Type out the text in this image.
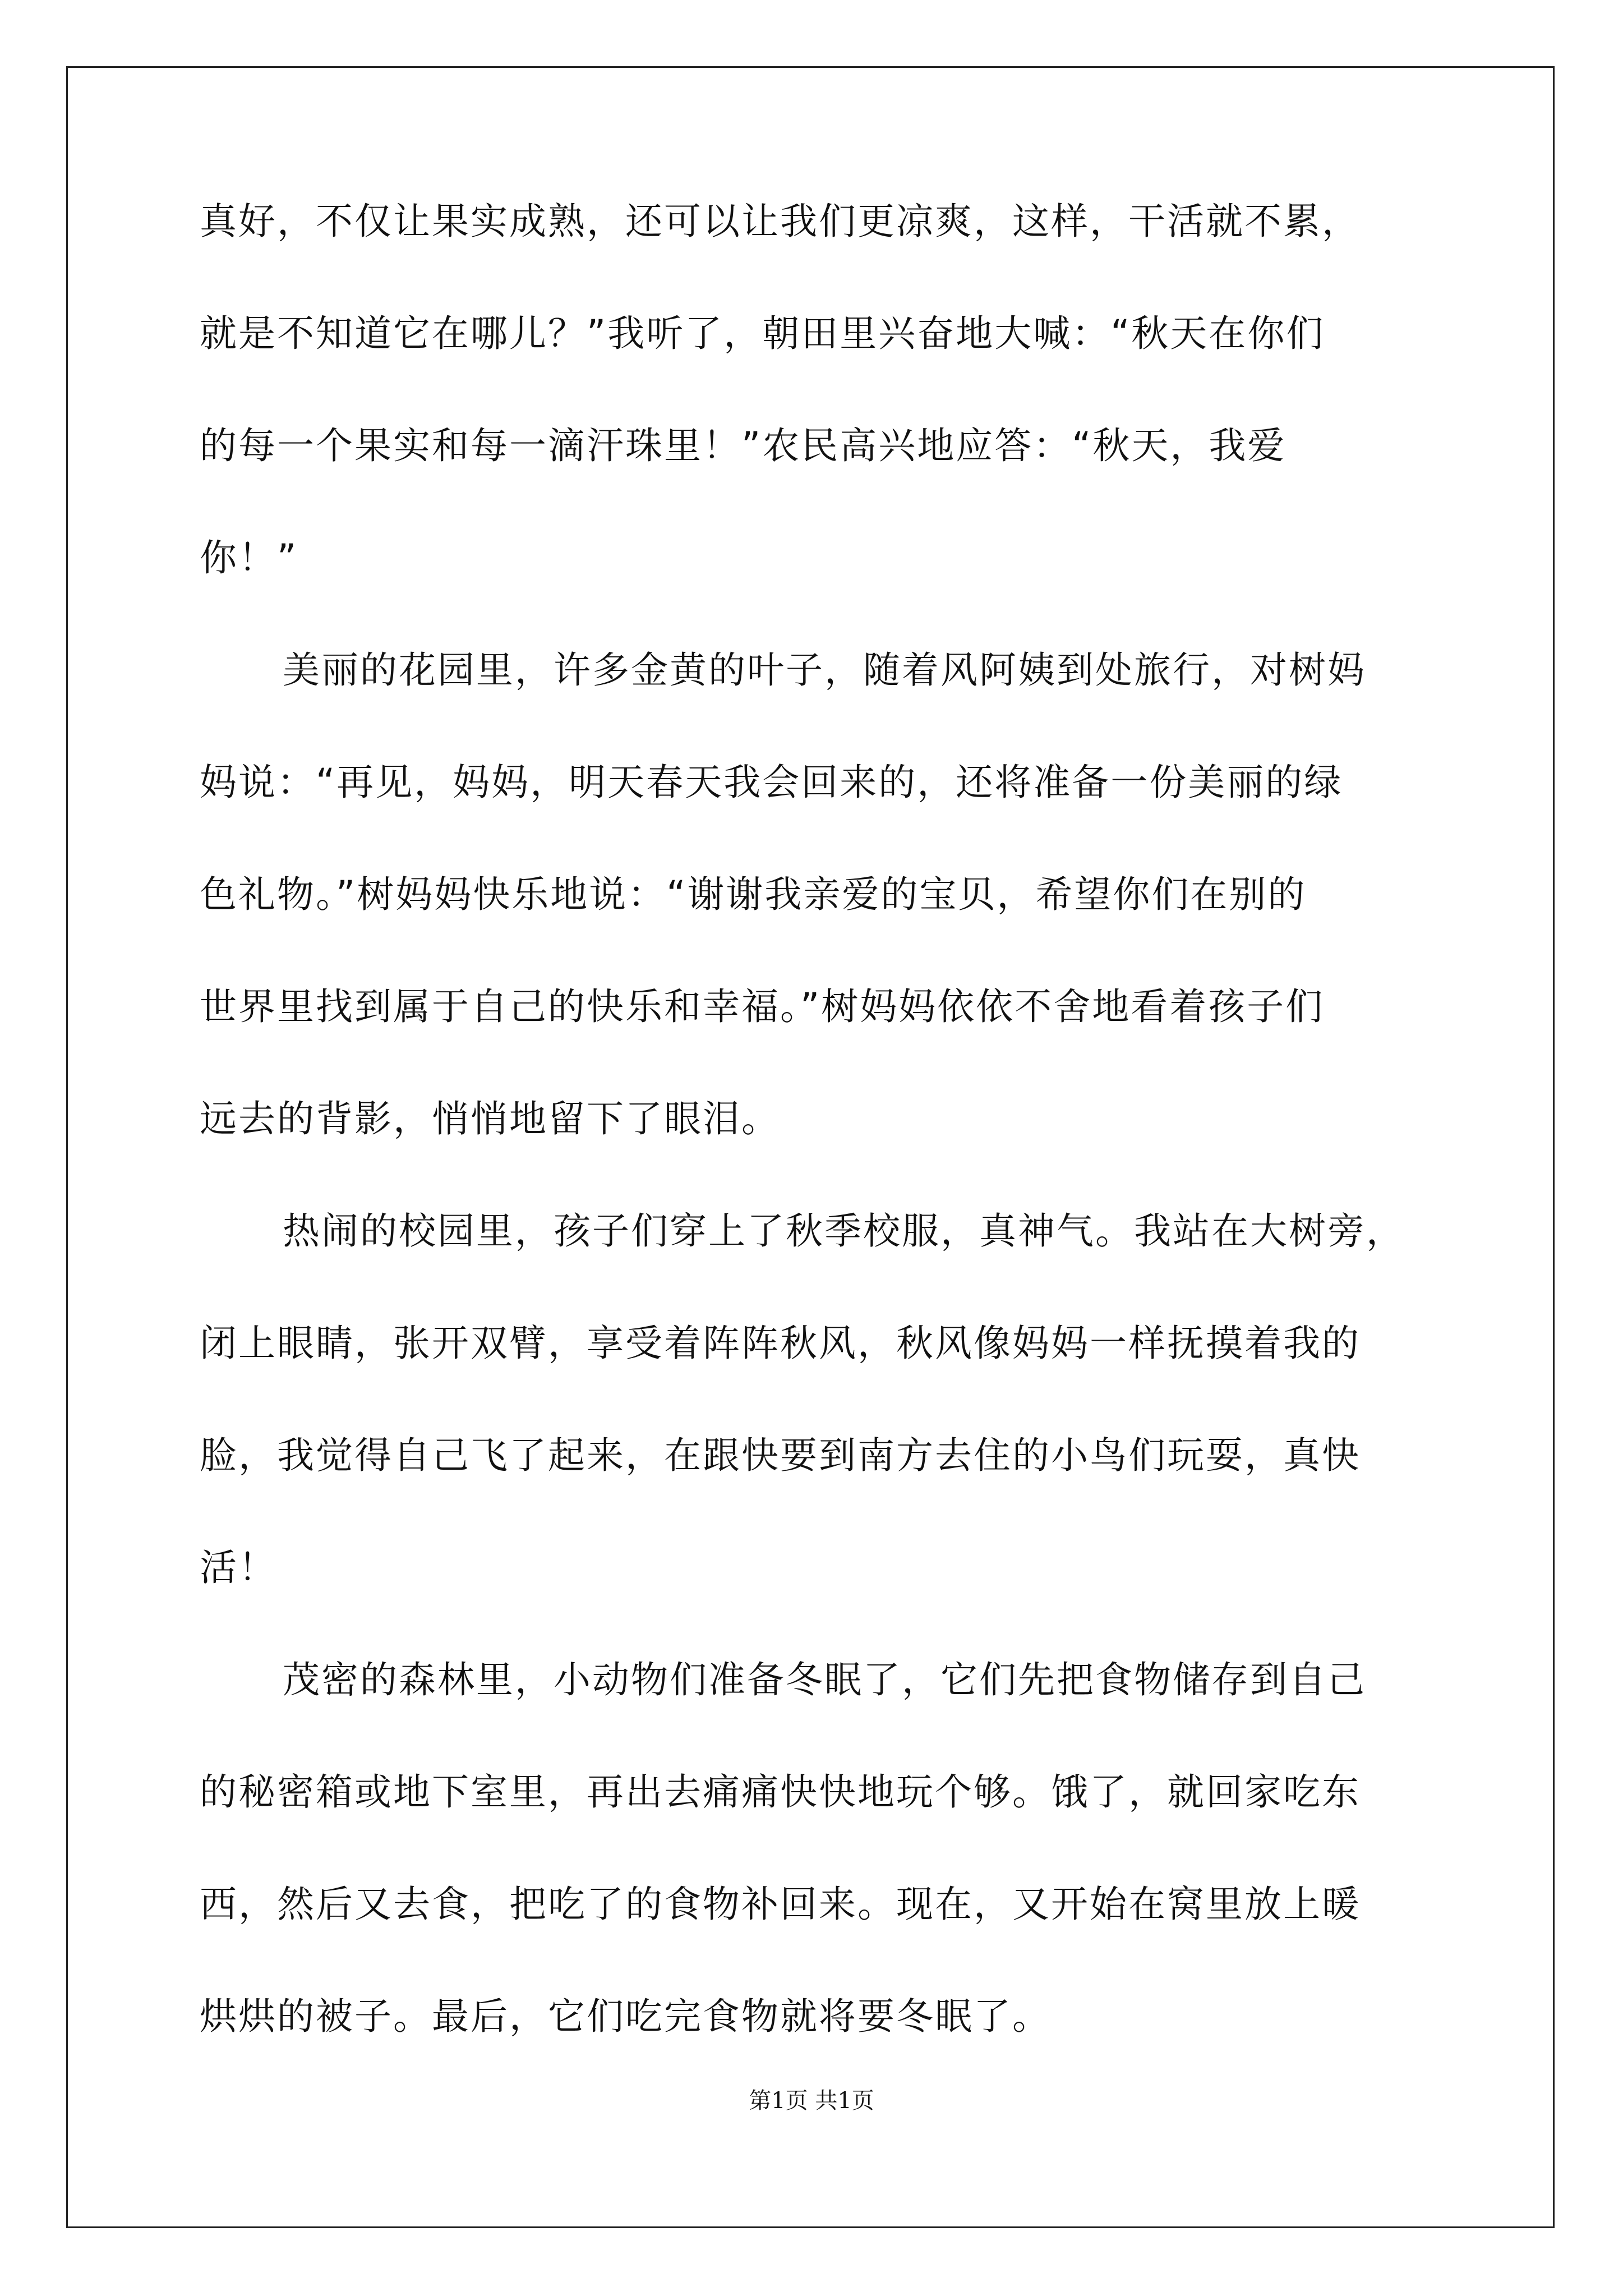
真好，不仅让果实成熟，还可以让我们更凉爽，这样，干活就不累，
就是不知道它在哪儿？”我听了，朝田里兴奋地大喊：“秋天在你们
的每一个果实和每一滴汗珠里！”农民高兴地应答：“秋天，我爱
你！”
美丽的花园里，许多金黄的叶子，随着风阿姨到处旅行，对树妈
妈说：“再见，妈妈，明天春天我会回来的，还将准备一份美丽的绿
色礼物。”树妈妈快乐地说：“谢谢我亲爱的宝贝，希望你们在别的
世界里找到属于自己的快乐和幸福。”树妈妈依依不舍地看着孩子们
远去的背影，悄悄地留下了眼泪。
热闹的校园里，孩子们穿上了秋季校服，真神气。我站在大树旁，
闭上眼睛，张开双臂，享受着阵阵秋风，秋风像妈妈一样抚摸着我的
脸，我觉得自己飞了起来，在跟快要到南方去住的小鸟们玩耍，真快
活！
茂密的森林里，小动物们准备冬眠了，它们先把食物储存到自己
的秘密箱或地下室里，再出去痛痛快快地玩个够。饿了，就回家吃东
西，然后又去食，把吃了的食物补回来。现在，又开始在窝里放上暖
烘烘的被子。最后，它们吃完食物就将要冬眠了。
第1页 共1页
